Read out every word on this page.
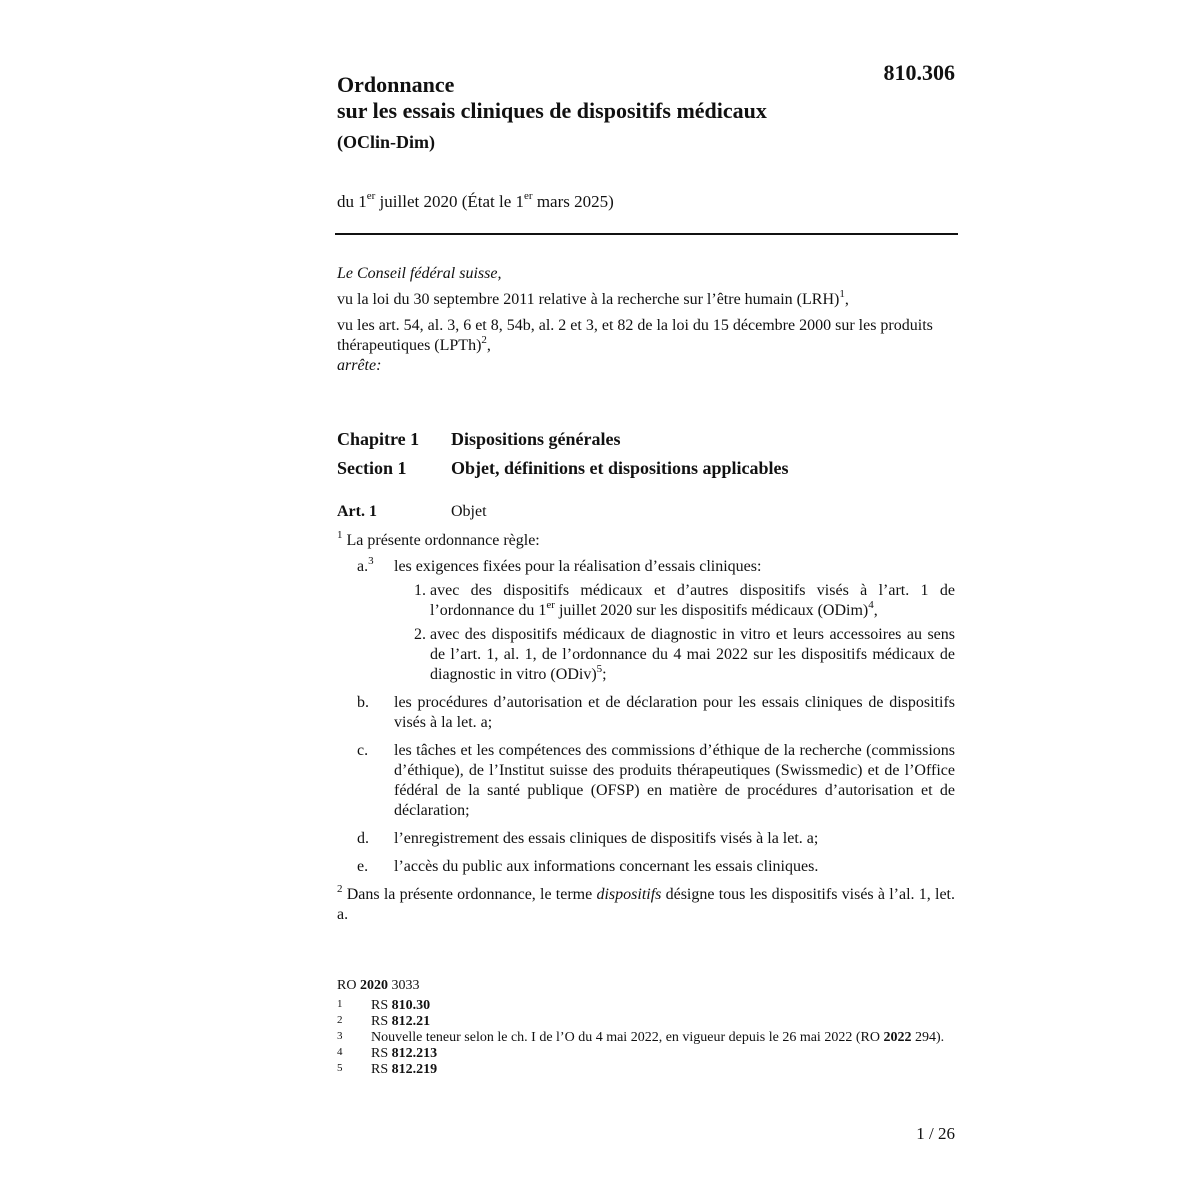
810.306
Ordonnance
sur les essais cliniques de dispositifs médicaux
(OClin-Dim)
du 1er juillet 2020 (État le 1er mars 2025)

Le Conseil fédéral suisse,

vu la loi du 30 septembre 2011 relative à la recherche sur l’être humain (LRH)$^1$,

vu les art. 54, al. 3, 6 et 8, 54b, al. 2 et 3, et 82 de la loi du 15 décembre 2000 sur les produits thérapeutiques (LPTh)$^2$,

arrête:

Chapitre 1	Dispositions générales
Section 1	Objet, définitions et dispositions applicables
Art. 1	Objet

$^1$ La présente ordonnance règle:

a.$^3$	les exigences fixées pour la réalisation d’essais cliniques:
1. avec des dispositifs médicaux et d’autres dispositifs visés à l’art. 1 de l’ordonnance du 1er juillet 2020 sur les dispositifs médicaux (ODim)$^4$,
2. avec des dispositifs médicaux de diagnostic in vitro et leurs accessoires au sens de l’art. 1, al. 1, de l’ordonnance du 4 mai 2022 sur les dispositifs médicaux de diagnostic in vitro (ODiv)$^5$;
b.	les procédures d’autorisation et de déclaration pour les essais cliniques de dispositifs visés à la let. a;
c.	les tâches et les compétences des commissions d’éthique de la recherche (commissions d’éthique), de l’Institut suisse des produits thérapeutiques (Swissmedic) et de l’Office fédéral de la santé publique (OFSP) en matière de procédures d’autorisation et de déclaration;
d.	l’enregistrement des essais cliniques de dispositifs visés à la let. a;
e.	l’accès du public aux informations concernant les essais cliniques.

$^2$ Dans la présente ordonnance, le terme dispositifs désigne tous les dispositifs visés à l’al. 1, let. a.

RO 2020 3033
1	RS 810.30
2	RS 812.21
3	Nouvelle teneur selon le ch. I de l’O du 4 mai 2022, en vigueur depuis le 26 mai 2022 (RO 2022 294).
4	RS 812.213
5	RS 812.219
1 / 26
